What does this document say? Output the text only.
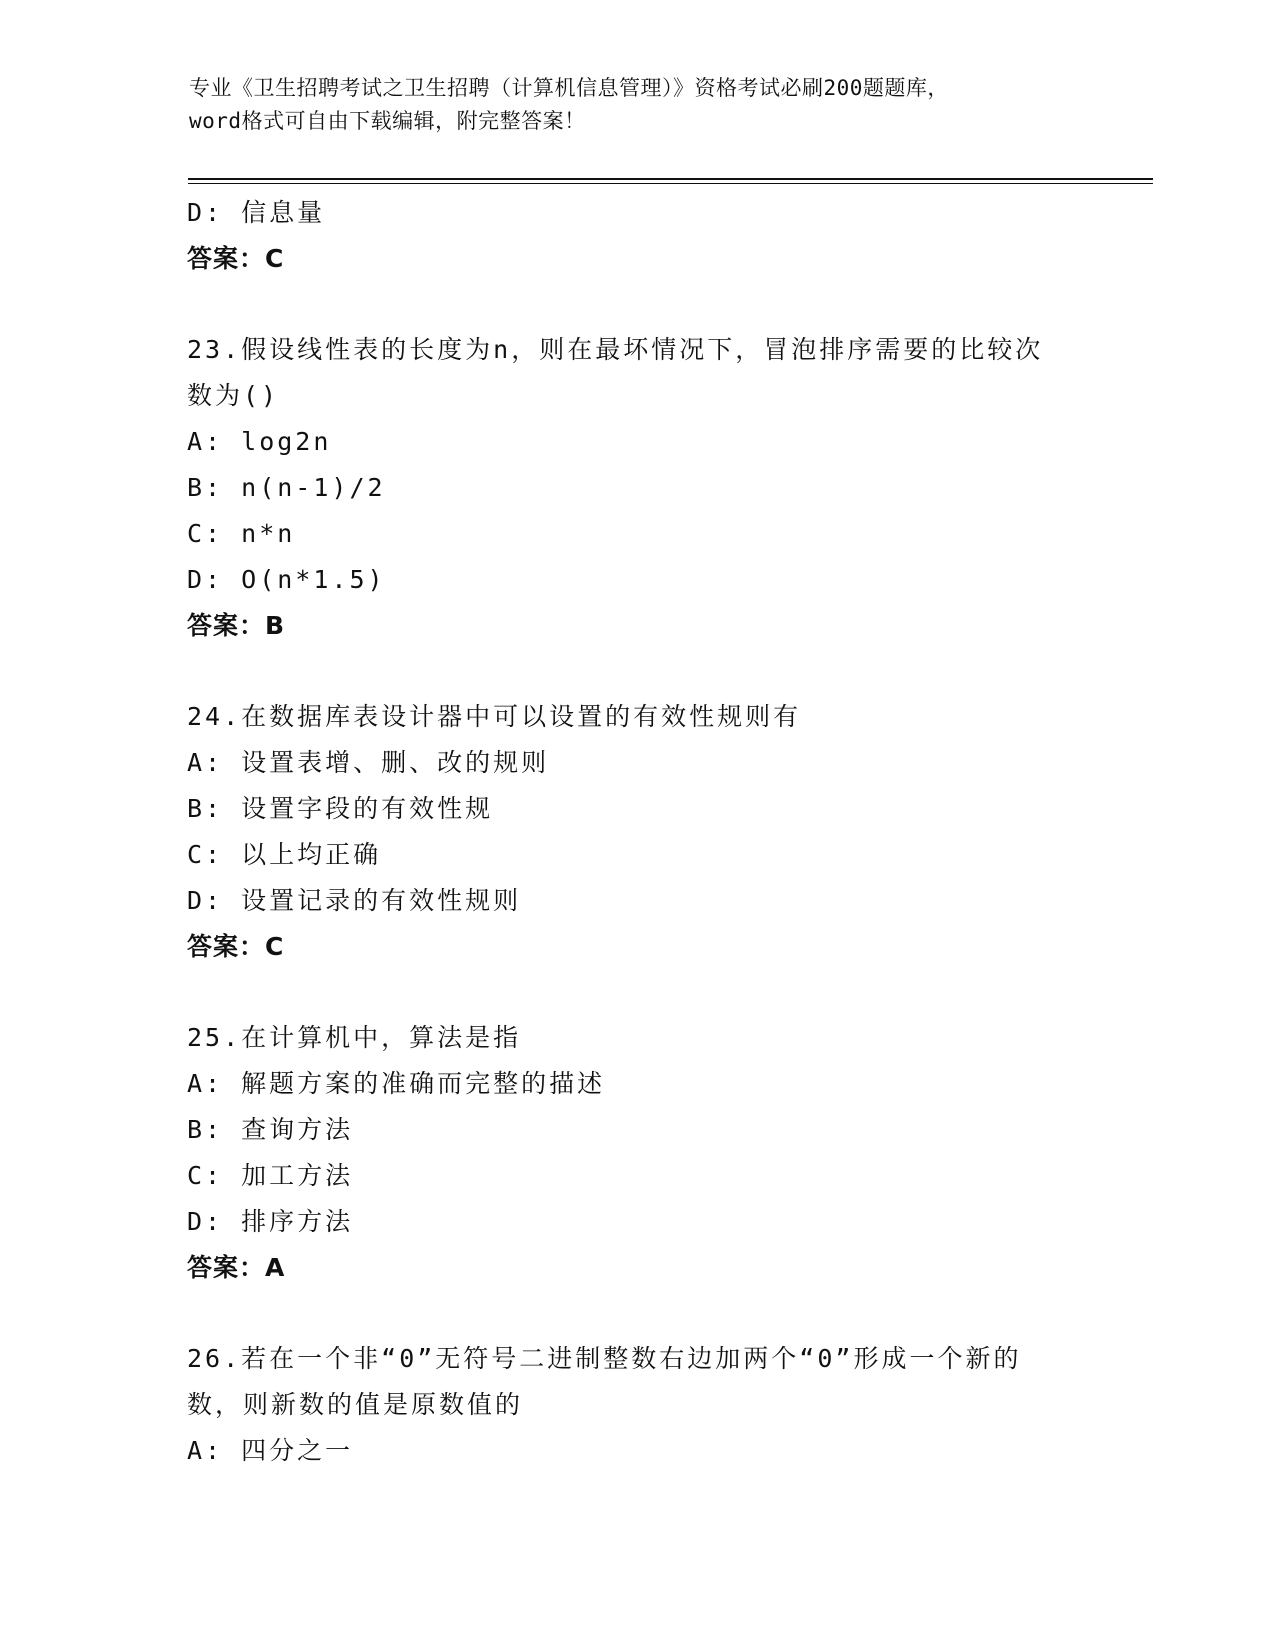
专业《卫生招聘考试之卫生招聘（计算机信息管理）》资格考试必刷200题题库，
word格式可自由下载编辑，附完整答案！
D: 信息量
答案：C
23.假设线性表的长度为n，则在最坏情况下，冒泡排序需要的比较次
数为()
A: log2n
B: n(n-1)/2
C: n*n
D: O(n*1.5)
答案：B
24.在数据库表设计器中可以设置的有效性规则有
A: 设置表增、删、改的规则
B: 设置字段的有效性规
C: 以上均正确
D: 设置记录的有效性规则
答案：C
25.在计算机中，算法是指
A: 解题方案的准确而完整的描述
B: 查询方法
C: 加工方法
D: 排序方法
答案：A
26.若在一个非“0”无符号二进制整数右边加两个“0”形成一个新的
数，则新数的值是原数值的
A: 四分之一
